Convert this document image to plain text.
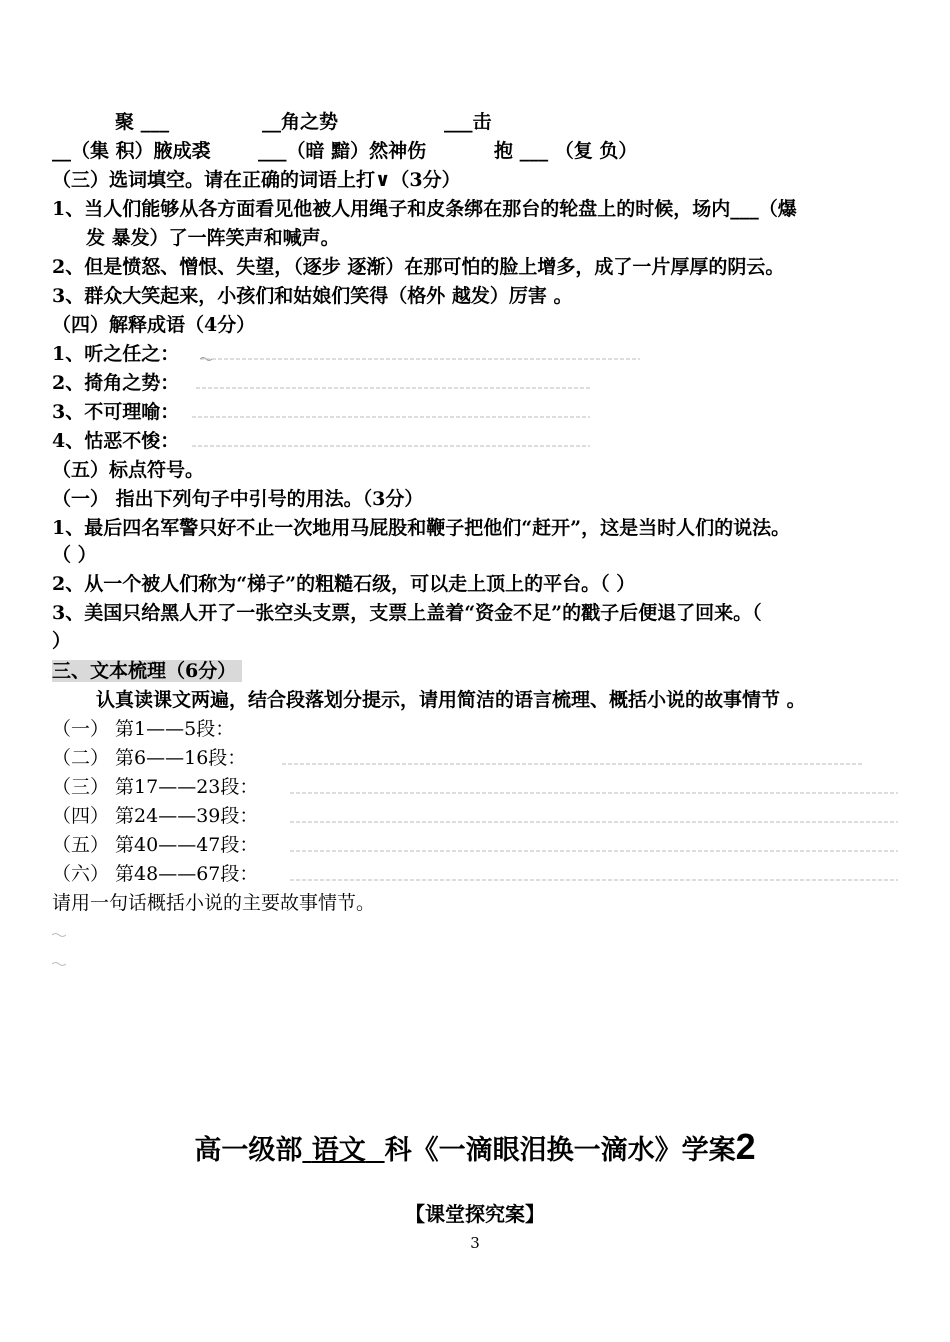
聚 ___	__角之势	___击
__（集 积）腋成裘 ___（暗 黯）然神伤	抱 ___ （复 负）
（三）选词填空。请在正确的词语上打∨（3分）
1、当人们能够从各方面看见他被人用绳子和皮条绑在那台的轮盘上的时候，场内___（爆
发 暴发）了一阵笑声和喊声。
2、但是愤怒、憎恨、失望，（逐步 逐渐）在那可怕的脸上增多，成了一片厚厚的阴云。
3、群众大笑起来，小孩们和姑娘们笑得（格外 越发）厉害 。
（四）解释成语（4分）
1、听之任之：
2、掎角之势：
3、不可理喻：
4、怙恶不悛：
（五）标点符号。
（一） 指出下列句子中引号的用法。（3分）
1、最后四名军警只好不止一次地用马屁股和鞭子把他们“赶开”，这是当时人们的说法。
（ ）
2、从一个被人们称为“梯子”的粗糙石级，可以走上顶上的平台。（ ）
3、美国只给黑人开了一张空头支票，支票上盖着“资金不足”的戳子后便退了回来。（
）
三、文本梳理（6分）
认真读课文两遍，结合段落划分提示，请用简洁的语言梳理、概括小说的故事情节 。
（一） 第1——5段：
（二） 第6——16段：
（三） 第17——23段：
（四） 第24——39段：
（五） 第40——47段：
（六） 第48——67段：
请用一句话概括小说的主要故事情节。
高一级部 语文 科《一滴眼泪换一滴水》学案2
【课堂探究案】
3
